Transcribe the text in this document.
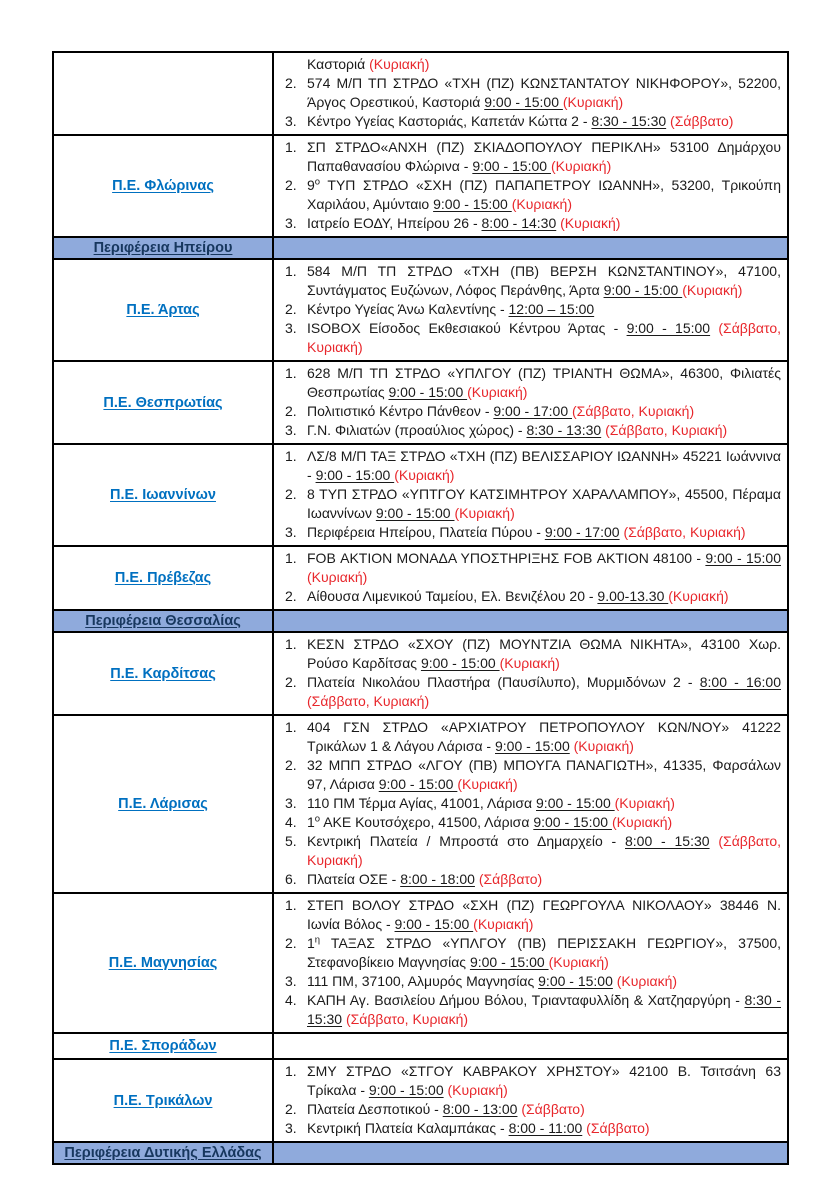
	Καστοριά (Κυριακή)
2. 574 Μ/Π ΤΠ ΣΤΡΔΟ «ΤΧΗ (ΠΖ) ΚΩΝΣΤΑΝΤΑΤΟΥ ΝΙΚΗΦΟΡΟΥ», 52200, Άργος Ορεστικού, Καστοριά 9:00 - 15:00 (Κυριακή)
3. Κέντρο Υγείας Καστοριάς, Καπετάν Κώττα 2 - 8:30 - 15:30 (Σάββατο)

Π.Ε. Φλώρινας	
1. ΣΠ ΣΤΡΔΟ«ΑΝΧΗ (ΠΖ) ΣΚΙΑΔΟΠΟΥΛΟΥ ΠΕΡΙΚΛΗ» 53100 Δημάρχου Παπαθανασίου Φλώρινα - 9:00 - 15:00 (Κυριακή)
2. $9^o$ ΤΥΠ ΣΤΡΔΟ «ΣΧΗ (ΠΖ) ΠΑΠΑΠΕΤΡΟΥ ΙΩΑΝΝΗ», 53200, Τρικούπη Χαριλάου, Αμύνταιο 9:00 - 15:00 (Κυριακή)
3. Ιατρείο ΕΟΔΥ, Ηπείρου 26 - 8:00 - 14:30 (Κυριακή)

Περιφέρεια Ηπείρου	
Π.Ε. Άρτας	
1. 584 Μ/Π ΤΠ ΣΤΡΔΟ «ΤΧΗ (ΠΒ) ΒΕΡΣΗ ΚΩΝΣΤΑΝΤΙΝΟΥ», 47100, Συντάγματος Ευζώνων, Λόφος Περάνθης, Άρτα 9:00 - 15:00 (Κυριακή)
2. Κέντρο Υγείας Άνω Καλεντίνης - 12:00 – 15:00
3. ISOBOX Είσοδος Εκθεσιακού Κέντρου Άρτας - 9:00 - 15:00 (Σάββατο, Κυριακή)

Π.Ε. Θεσπρωτίας	
1. 628 Μ/Π ΤΠ ΣΤΡΔΟ «ΥΠΛΓΟΥ (ΠΖ) ΤΡΙΑΝΤΗ ΘΩΜΑ», 46300, Φιλιατές Θεσπρωτίας 9:00 - 15:00 (Κυριακή)
2. Πολιτιστικό Κέντρο Πάνθεον - 9:00 - 17:00 (Σάββατο, Κυριακή)
3. Γ.Ν. Φιλιατών (προαύλιος χώρος) - 8:30 - 13:30 (Σάββατο, Κυριακή)

Π.Ε. Ιωαννίνων	
1. ΛΣ/8 Μ/Π ΤΑΞ ΣΤΡΔΟ «ΤΧΗ (ΠΖ) ΒΕΛΙΣΣΑΡΙΟΥ ΙΩΑΝΝΗ» 45221 Ιωάννινα - 9:00 - 15:00 (Κυριακή)
2. 8 ΤΥΠ ΣΤΡΔΟ «ΥΠΤΓΟΥ ΚΑΤΣΙΜΗΤΡΟΥ ΧΑΡΑΛΑΜΠΟΥ», 45500, Πέραμα Ιωαννίνων 9:00 - 15:00 (Κυριακή)
3. Περιφέρεια Ηπείρου, Πλατεία Πύρου - 9:00 - 17:00 (Σάββατο, Κυριακή)

Π.Ε. Πρέβεζας	1. FOB ΑΚΤΙΟΝ ΜΟΝΑΔΑ ΥΠΟΣΤΗΡΙΞΗΣ FOB ΑΚΤΙΟΝ 48100 - 9:00 - 15:00 (Κυριακή)
2. Αίθουσα Λιμενικού Ταμείου, Ελ. Βενιζέλου 20 - 9.00-13.30 (Κυριακή)

Περιφέρεια Θεσσαλίας	
Π.Ε. Καρδίτσας	1. ΚΕΣΝ ΣΤΡΔΟ «ΣΧΟΥ (ΠΖ) ΜΟΥΝΤΖΙΑ ΘΩΜΑ ΝΙΚΗΤΑ», 43100 Χωρ. Ρούσο Καρδίτσας 9:00 - 15:00 (Κυριακή)
2. Πλατεία Νικολάου Πλαστήρα (Παυσίλυπο), Μυρμιδόνων 2 - 8:00 - 16:00 (Σάββατο, Κυριακή)

Π.Ε. Λάρισας	
1. 404 ΓΣΝ ΣΤΡΔΟ «ΑΡΧΙΑΤΡΟΥ ΠΕΤΡΟΠΟΥΛΟΥ ΚΩΝ/ΝΟΥ» 41222 Τρικάλων 1 & Λάγου Λάρισα - 9:00 - 15:00 (Κυριακή)
2. 32 ΜΠΠ ΣΤΡΔΟ «ΛΓΟΥ (ΠΒ) ΜΠΟΥΓΑ ΠΑΝΑΓΙΩΤΗ», 41335, Φαρσάλων 97, Λάρισα 9:00 - 15:00 (Κυριακή)
3. 110 ΠΜ Τέρμα Αγίας, 41001, Λάρισα 9:00 - 15:00 (Κυριακή)
4. $1^o$ ΑΚΕ Κουτσόχερο, 41500, Λάρισα 9:00 - 15:00 (Κυριακή)
5. Κεντρική Πλατεία / Μπροστά στο Δημαρχείο - 8:00 - 15:30 (Σάββατο, Κυριακή)
6. Πλατεία ΟΣΕ - 8:00 - 18:00 (Σάββατο)

Π.Ε. Μαγνησίας	
1. ΣΤΕΠ ΒΟΛΟΥ ΣΤΡΔΟ «ΣΧΗ (ΠΖ) ΓΕΩΡΓΟΥΛΑ ΝΙΚΟΛΑΟΥ» 38446 Ν. Ιωνία Βόλος - 9:00 - 15:00 (Κυριακή)
2. $1^\eta$ ΤΑΞΑΣ ΣΤΡΔΟ «ΥΠΛΓΟΥ (ΠΒ) ΠΕΡΙΣΣΑΚΗ ΓΕΩΡΓΙΟΥ», 37500, Στεφανοβίκειο Μαγνησίας 9:00 - 15:00 (Κυριακή)
3. 111 ΠΜ, 37100, Αλμυρός Μαγνησίας 9:00 - 15:00 (Κυριακή)
4. ΚΑΠΗ Αγ. Βασιλείου Δήμου Βόλου, Τριανταφυλλίδη & Χατζηαργύρη - 8:30 - 15:30 (Σάββατο, Κυριακή)

Π.Ε. Σποράδων	
Π.Ε. Τρικάλων	
1. ΣΜΥ ΣΤΡΔΟ «ΣΤΓΟΥ ΚΑΒΡΑΚΟΥ ΧΡΗΣΤΟΥ» 42100 Β. Τσιτσάνη 63 Τρίκαλα - 9:00 - 15:00 (Κυριακή)
2. Πλατεία Δεσποτικού - 8:00 - 13:00 (Σάββατο)
3. Κεντρική Πλατεία Καλαμπάκας - 8:00 - 11:00 (Σάββατο)

Περιφέρεια Δυτικής Ελλάδας	
